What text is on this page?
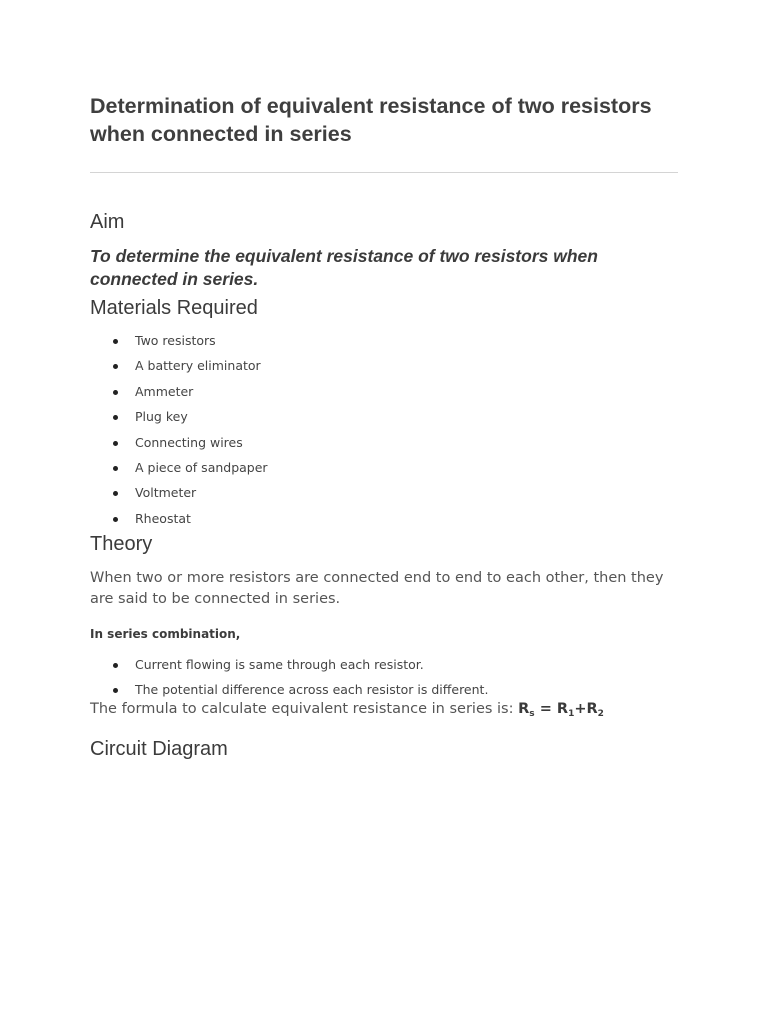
Determination of equivalent resistance of two resistors when connected in series
Aim

To determine the equivalent resistance of two resistors when connected in series.

Materials Required
Two resistors
A battery eliminator
Ammeter
Plug key
Connecting wires
A piece of sandpaper
Voltmeter
Rheostat
Theory

When two or more resistors are connected end to end to each other, then they are said to be connected in series.

In series combination,

Current flowing is same through each resistor.
The potential difference across each resistor is different.

The formula to calculate equivalent resistance in series is: $R_s = R_1+R_2$

Circuit Diagram
